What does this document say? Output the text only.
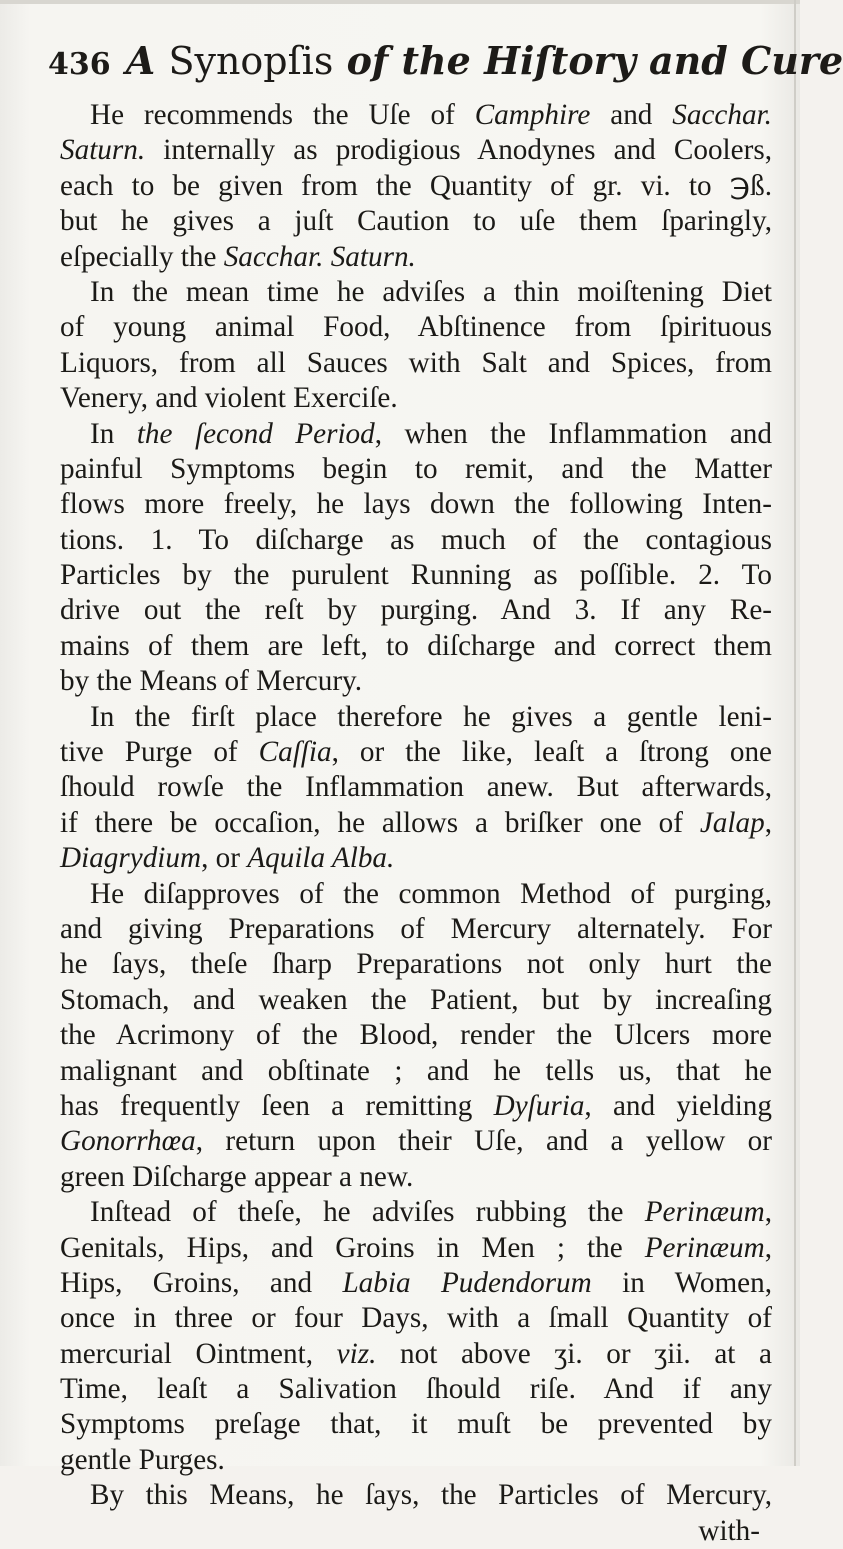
436 A Synopſis of the Hiſtory and Cure
He recommends the Uſe of Camphire and Sacchar.
Saturn. internally as prodigious Anodynes and Coolers,
each to be given from the Quantity of gr. vi. to ℈ß.
but he gives a juſt Caution to uſe them ſparingly,
eſpecially the Sacchar. Saturn.
In the mean time he adviſes a thin moiſtening Diet
of young animal Food, Abſtinence from ſpirituous
Liquors, from all Sauces with Salt and Spices, from
Venery, and violent Exerciſe.
In the ſecond Period, when the Inflammation and
painful Symptoms begin to remit, and the Matter
flows more freely, he lays down the following Inten-
tions. 1. To diſcharge as much of the contagious
Particles by the purulent Running as poſſible. 2. To
drive out the reſt by purging. And 3. If any Re-
mains of them are left, to diſcharge and correct them
by the Means of Mercury.
In the firſt place therefore he gives a gentle leni-
tive Purge of Caſſia, or the like, leaſt a ſtrong one
ſhould rowſe the Inflammation anew. But afterwards,
if there be occaſion, he allows a briſker one of Jalap,
Diagrydium, or Aquila Alba.
He diſapproves of the common Method of purging,
and giving Preparations of Mercury alternately. For
he ſays, theſe ſharp Preparations not only hurt the
Stomach, and weaken the Patient, but by increaſing
the Acrimony of the Blood, render the Ulcers more
malignant and obſtinate ; and he tells us, that he
has frequently ſeen a remitting Dyſuria, and yielding
Gonorrhœa, return upon their Uſe, and a yellow or
green Diſcharge appear a new.
Inſtead of theſe, he adviſes rubbing the Perinæum,
Genitals, Hips, and Groins in Men ; the Perinæum,
Hips, Groins, and Labia Pudendorum in Women,
once in three or four Days, with a ſmall Quantity of
mercurial Ointment, viz. not above ʒi. or ʒii. at a
Time, leaſt a Salivation ſhould riſe. And if any
Symptoms preſage that, it muſt be prevented by
gentle Purges.
By this Means, he ſays, the Particles of Mercury,
with-
